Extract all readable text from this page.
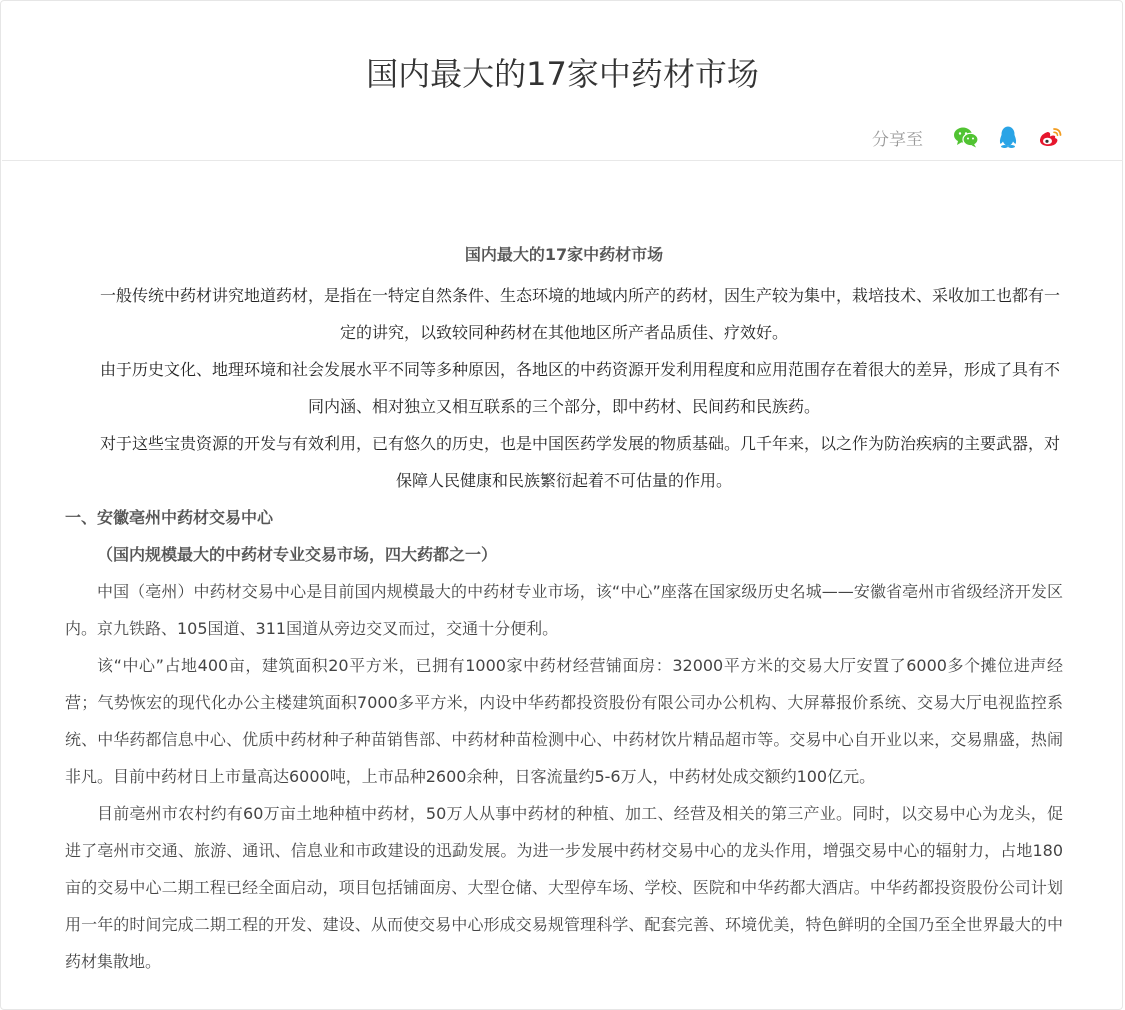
国内最大的17家中药材市场
分享至

国内最大的17家中药材市场

一般传统中药材讲究地道药材，是指在一特定自然条件、生态环境的地域内所产的药材，因生产较为集中，栽培技术、采收加工也都有一定的讲究，以致较同种药材在其他地区所产者品质佳、疗效好。

由于历史文化、地理环境和社会发展水平不同等多种原因，各地区的中药资源开发利用程度和应用范围存在着很大的差异，形成了具有不同内涵、相对独立又相互联系的三个部分，即中药材、民间药和民族药。

对于这些宝贵资源的开发与有效利用，已有悠久的历史，也是中国医药学发展的物质基础。几千年来，以之作为防治疾病的主要武器，对保障人民健康和民族繁衍起着不可估量的作用。

一、安徽亳州中药材交易中心

（国内规模最大的中药材专业交易市场，四大药都之一）

中国（亳州）中药材交易中心是目前国内规模最大的中药材专业市场，该“中心”座落在国家级历史名城——安徽省亳州市省级经济开发区内。京九铁路、105国道、311国道从旁边交叉而过，交通十分便利。

该“中心”占地400亩，建筑面积20平方米，已拥有1000家中药材经营铺面房：32000平方米的交易大厅安置了6000多个摊位进声经营；气势恢宏的现代化办公主楼建筑面积7000多平方米，内设中华药都投资股份有限公司办公机构、大屏幕报价系统、交易大厅电视监控系统、中华药都信息中心、优质中药材种子种苗销售部、中药材种苗检测中心、中药材饮片精品超市等。交易中心自开业以来，交易鼎盛，热闹非凡。目前中药材日上市量高达6000吨，上市品种2600余种，日客流量约5-6万人，中药材处成交额约100亿元。

目前亳州市农村约有60万亩土地种植中药材，50万人从事中药材的种植、加工、经营及相关的第三产业。同时，以交易中心为龙头，促进了亳州市交通、旅游、通讯、信息业和市政建设的迅勐发展。为进一步发展中药材交易中心的龙头作用，增强交易中心的辐射力，占地180亩的交易中心二期工程已经全面启动，项目包括铺面房、大型仓储、大型停车场、学校、医院和中华药都大酒店。中华药都投资股份公司计划用一年的时间完成二期工程的开发、建设、从而使交易中心形成交易规管理科学、配套完善、环境优美，特色鲜明的全国乃至全世界最大的中药材集散地。
